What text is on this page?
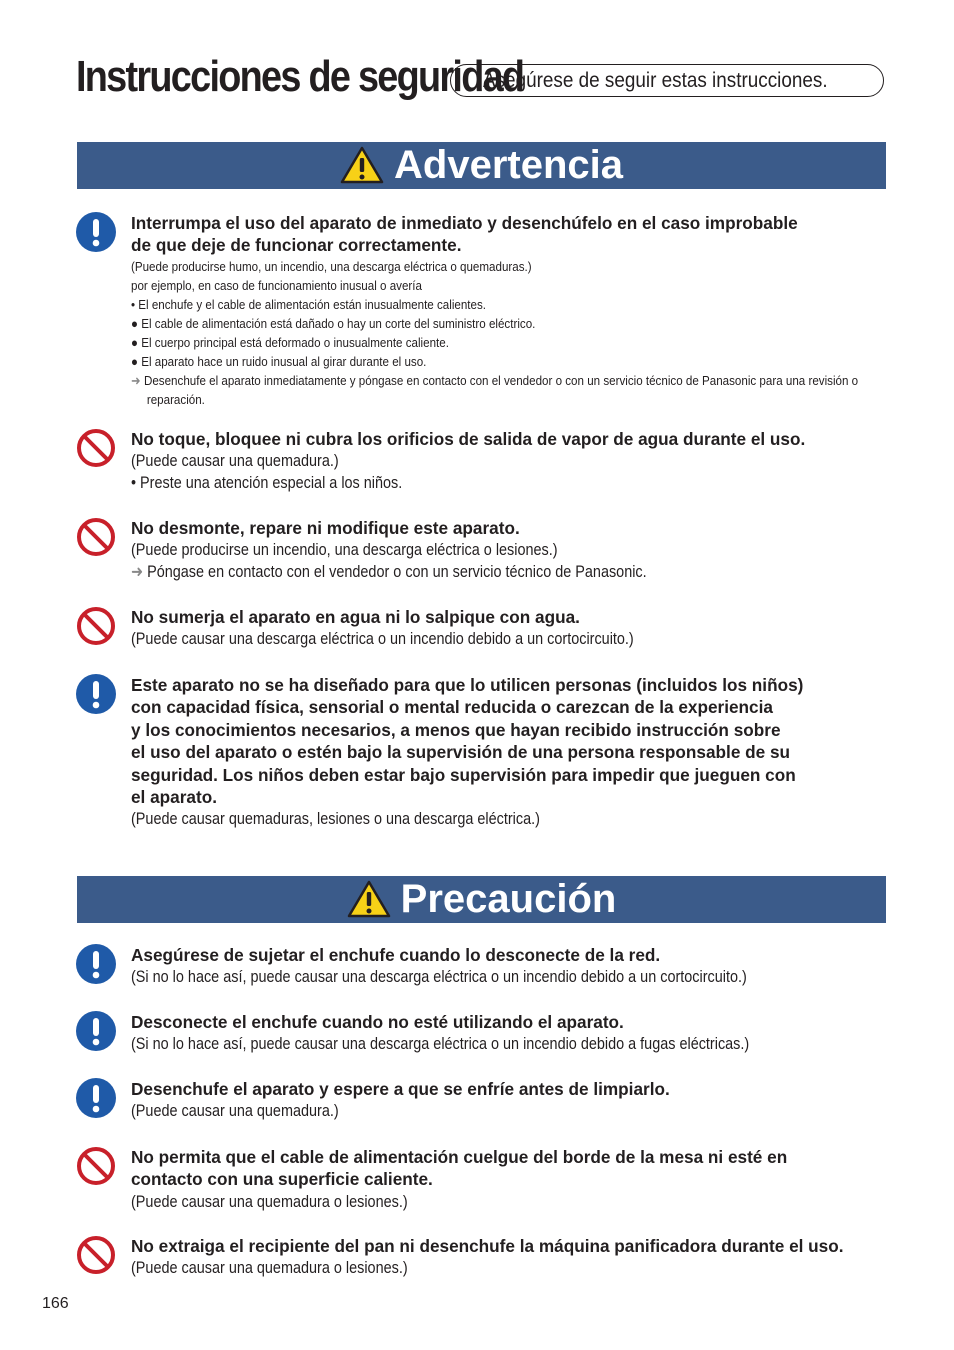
Instrucciones de seguridad
Asegúrese de seguir estas instrucciones.
Advertencia
Interrumpa el uso del aparato de inmediato y desenchúfelo en el caso improbable
de que deje de funcionar correctamente.
(Puede producirse humo, un incendio, una descarga eléctrica o quemaduras.)
por ejemplo, en caso de funcionamiento inusual o avería
• El enchufe y el cable de alimentación están inusualmente calientes.
● El cable de alimentación está dañado o hay un corte del suministro eléctrico.
● El cuerpo principal está deformado o inusualmente caliente.
● El aparato hace un ruido inusual al girar durante el uso.
➜ Desenchufe el aparato inmediatamente y póngase en contacto con el vendedor o con un servicio técnico de Panasonic para una revisión o reparación.
No toque, bloquee ni cubra los orificios de salida de vapor de agua durante el uso.
(Puede causar una quemadura.)
• Preste una atención especial a los niños.
No desmonte, repare ni modifique este aparato.
(Puede producirse un incendio, una descarga eléctrica o lesiones.)
➜ Póngase en contacto con el vendedor o con un servicio técnico de Panasonic.
No sumerja el aparato en agua ni lo salpique con agua.
(Puede causar una descarga eléctrica o un incendio debido a un cortocircuito.)
Este aparato no se ha diseñado para que lo utilicen personas (incluidos los niños)
con capacidad física, sensorial o mental reducida o carezcan de la experiencia
y los conocimientos necesarios, a menos que hayan recibido instrucción sobre
el uso del aparato o estén bajo la supervisión de una persona responsable de su
seguridad. Los niños deben estar bajo supervisión para impedir que jueguen con
el aparato.
(Puede causar quemaduras, lesiones o una descarga eléctrica.)
Precaución
Asegúrese de sujetar el enchufe cuando lo desconecte de la red.
(Si no lo hace así, puede causar una descarga eléctrica o un incendio debido a un cortocircuito.)
Desconecte el enchufe cuando no esté utilizando el aparato.
(Si no lo hace así, puede causar una descarga eléctrica o un incendio debido a fugas eléctricas.)
Desenchufe el aparato y espere a que se enfríe antes de limpiarlo.
(Puede causar una quemadura.)
No permita que el cable de alimentación cuelgue del borde de la mesa ni esté en
contacto con una superficie caliente.
(Puede causar una quemadura o lesiones.)
No extraiga el recipiente del pan ni desenchufe la máquina panificadora durante el uso.
(Puede causar una quemadura o lesiones.)
166
